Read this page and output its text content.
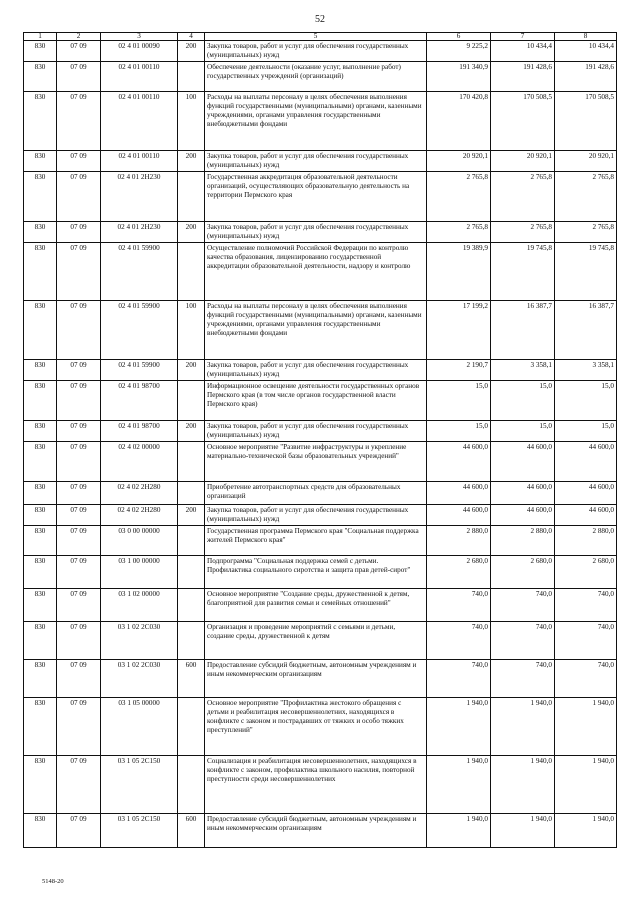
52
1	2	3	4	5	6	7	8
830	07 09	02 4 01 00090	200	Закупка товаров, работ и услуг для обеспечения государственных (муниципальных) нужд	9 225,2	10 434,4	10 434,4
830	07 09	02 4 01 00110		Обеспечение деятельности (оказание услуг, выполнение работ) государственных учреждений (организаций)	191 340,9	191 428,6	191 428,6
830	07 09	02 4 01 00110	100	Расходы на выплаты персоналу в целях обеспечения выполнения функций государственными (муниципальными) органами, казенными учреждениями, органами управления государственными внебюджетными фондами	170 420,8	170 508,5	170 508,5
830	07 09	02 4 01 00110	200	Закупка товаров, работ и услуг для обеспечения государственных (муниципальных) нужд	20 920,1	20 920,1	20 920,1
830	07 09	02 4 01 2Н230		Государственная аккредитация образовательной деятельности организаций, осуществляющих образовательную деятельность на территории Пермского края	2 765,8	2 765,8	2 765,8
830	07 09	02 4 01 2Н230	200	Закупка товаров, работ и услуг для обеспечения государственных (муниципальных) нужд	2 765,8	2 765,8	2 765,8
830	07 09	02 4 01 59900		Осуществление полномочий Российской Федерации по контролю качества образования, лицензированию государственной аккредитации образовательной деятельности, надзору и контролю	19 389,9	19 745,8	19 745,8
830	07 09	02 4 01 59900	100	Расходы на выплаты персоналу в целях обеспечения выполнения функций государственными (муниципальными) органами, казенными учреждениями, органами управления государственными внебюджетными фондами	17 199,2	16 387,7	16 387,7
830	07 09	02 4 01 59900	200	Закупка товаров, работ и услуг для обеспечения государственных (муниципальных) нужд	2 190,7	3 358,1	3 358,1
830	07 09	02 4 01 98700		Информационное освещение деятельности государственных органов Пермского края (в том числе органов государственной власти Пермского края)	15,0	15,0	15,0
830	07 09	02 4 01 98700	200	Закупка товаров, работ и услуг для обеспечения государственных (муниципальных) нужд	15,0	15,0	15,0
830	07 09	02 4 02 00000		Основное мероприятие "Развитие инфраструктуры и укрепление материально-технической базы образовательных учреждений"	44 600,0	44 600,0	44 600,0
830	07 09	02 4 02 2Н280		Приобретение автотранспортных средств для образовательных организаций	44 600,0	44 600,0	44 600,0
830	07 09	02 4 02 2Н280	200	Закупка товаров, работ и услуг для обеспечения государственных (муниципальных) нужд	44 600,0	44 600,0	44 600,0
830	07 09	03 0 00 00000		Государственная программа Пермского края "Социальная поддержка жителей Пермского края"	2 880,0	2 880,0	2 880,0
830	07 09	03 1 00 00000		Подпрограмма "Социальная поддержка семей с детьми. Профилактика социального сиротства и защита прав детей-сирот"	2 680,0	2 680,0	2 680,0
830	07 09	03 1 02 00000		Основное мероприятие "Создание среды, дружественной к детям, благоприятной для развития семьи и семейных отношений"	740,0	740,0	740,0
830	07 09	03 1 02 2С030		Организация и проведение мероприятий с семьями и детьми, создание среды, дружественной к детям	740,0	740,0	740,0
830	07 09	03 1 02 2С030	600	Предоставление субсидий бюджетным, автономным учреждениям и иным некоммерческим организациям	740,0	740,0	740,0
830	07 09	03 1 05 00000		Основное мероприятие "Профилактика жестокого обращения с детьми и реабилитация несовершеннолетних, находящихся в конфликте с законом и пострадавших от тяжких и особо тяжких преступлений"	1 940,0	1 940,0	1 940,0
830	07 09	03 1 05 2С150		Социализация и реабилитация несовершеннолетних, находящихся в конфликте с законом, профилактика школьного насилия, повторной преступности среди несовершеннолетних	1 940,0	1 940,0	1 940,0
830	07 09	03 1 05 2С150	600	Предоставление субсидий бюджетным, автономным учреждениям и иным некоммерческим организациям	1 940,0	1 940,0	1 940,0
5148-20
